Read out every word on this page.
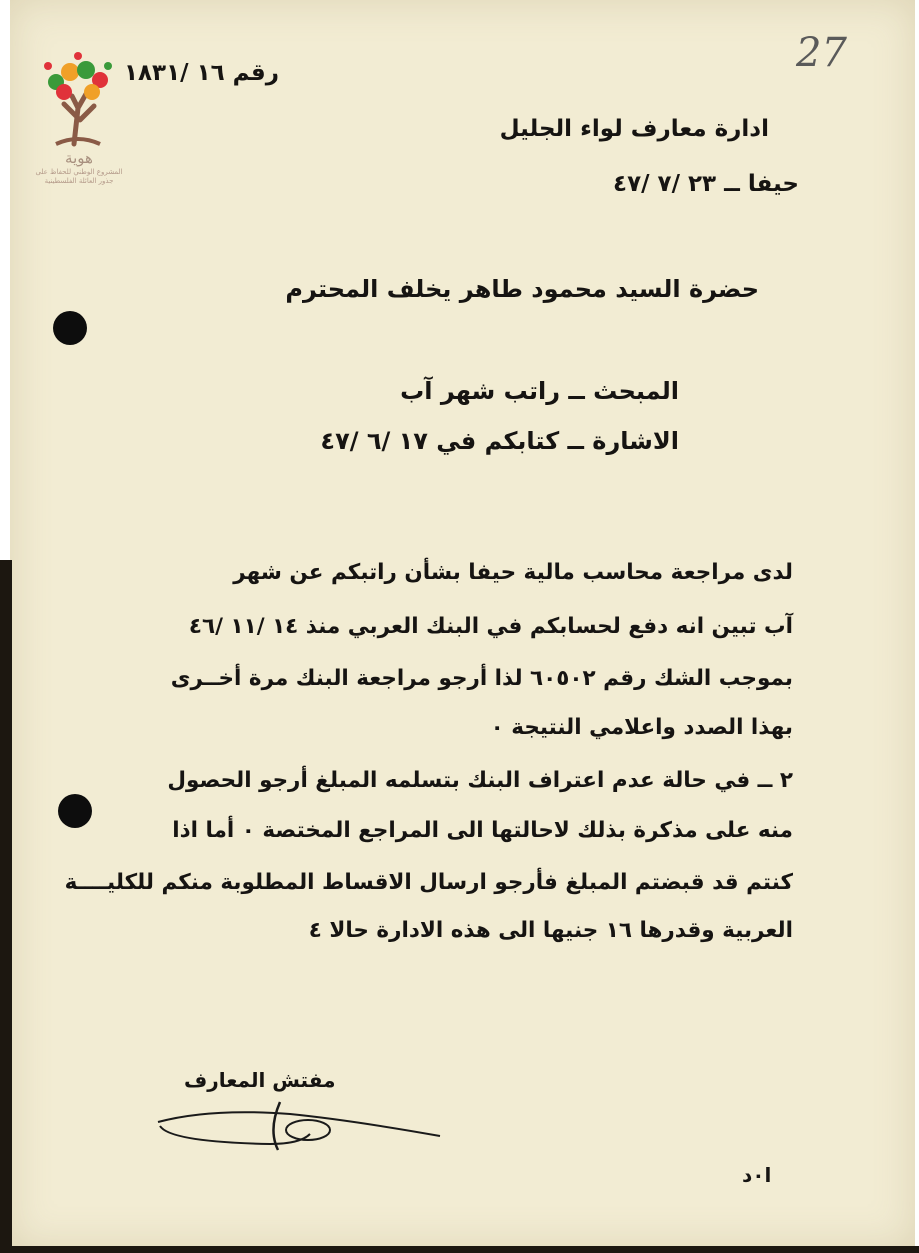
هوية
المشروع الوطني للحفاظ على جذور العائلة الفلسطينية
27
رقم ١٦ /١٨٣١
ادارة معارف لواء الجليل
حيفا ــ ٢٣ /٧ /٤٧
حضرة السيد محمود طاهر يخلف المحترم
المبحث ــ راتب شهر آب
الاشارة ــ كتابكم في ١٧ /٦ /٤٧
لدى مراجعة محاسب مالية حيفا بشأن راتبكم عن شهر
آب تبين انه دفع لحسابكم في البنك العربي منذ ١٤ /١١ /٤٦
بموجب الشك رقم ٦٠٥٠٢ لذا أرجو مراجعة البنك مرة أخــرى
بهذا الصدد واعلامي النتيجة ٠
٢ ــ في حالة عدم اعتراف البنك بتسلمه المبلغ أرجو الحصول
منه على مذكرة بذلك لاحالتها الى المراجع المختصة ٠ أما اذا
كنتم قد قبضتم المبلغ فأرجو ارسال الاقساط المطلوبة منكم للكليــــة
العربية وقدرها ١٦ جنيها الى هذه الادارة حالا ٤
مفتش المعارف
ا٠د
